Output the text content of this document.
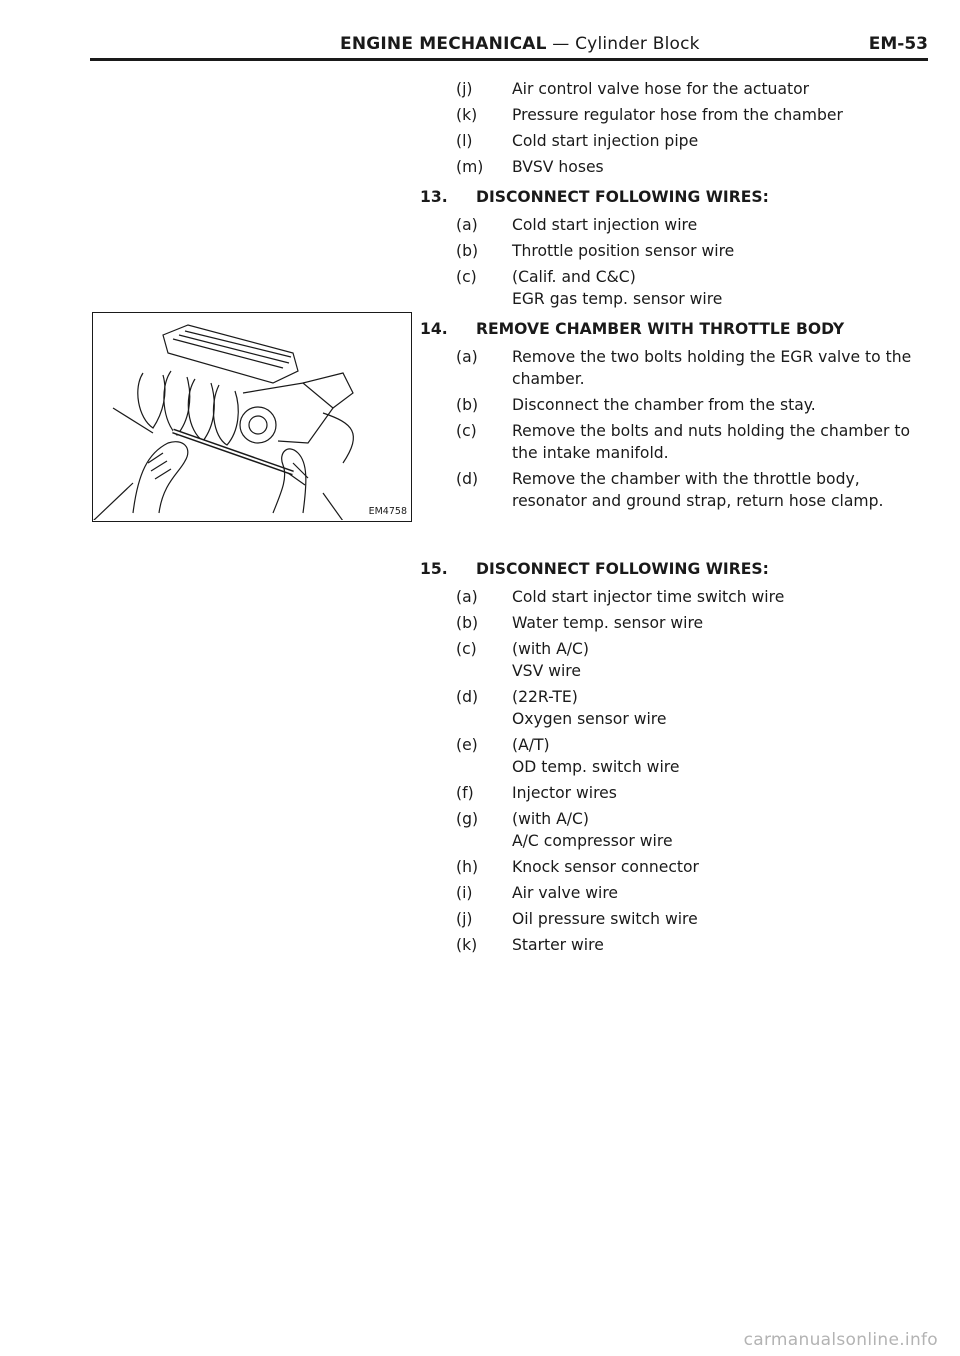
ENGINE MECHANICAL — Cylinder Block	EM-53
EM4758
(j)	Air control valve hose for the actuator
(k) Pressure regulator hose from the chamber
(l)	Cold start injection pipe
(m) BVSV hoses
13. DISCONNECT FOLLOWING WIRES:
(a) Cold start injection wire
(b) Throttle position sensor wire
(c) (Calif. and C&C)
EGR gas temp. sensor wire
14. REMOVE CHAMBER WITH THROTTLE BODY
(a) Remove the two bolts holding the EGR valve to the chamber.
(b) Disconnect the chamber from the stay.
(c) Remove the bolts and nuts holding the chamber to the intake manifold.
(d) Remove the chamber with the throttle body, resonator and ground strap, return hose clamp.
15. DISCONNECT FOLLOWING WIRES:
(a) Cold start injector time switch wire
(b) Water temp. sensor wire
(c) (with A/C)
VSV wire
(d) (22R-TE)
Oxygen sensor wire
(e) (A/T)
OD temp. switch wire
(f) Injector wires
(g) (with A/C)
A/C compressor wire
(h) Knock sensor connector
(i)	Air valve wire
(j)	Oil pressure switch wire
(k) Starter wire
carmanualsonline.info
